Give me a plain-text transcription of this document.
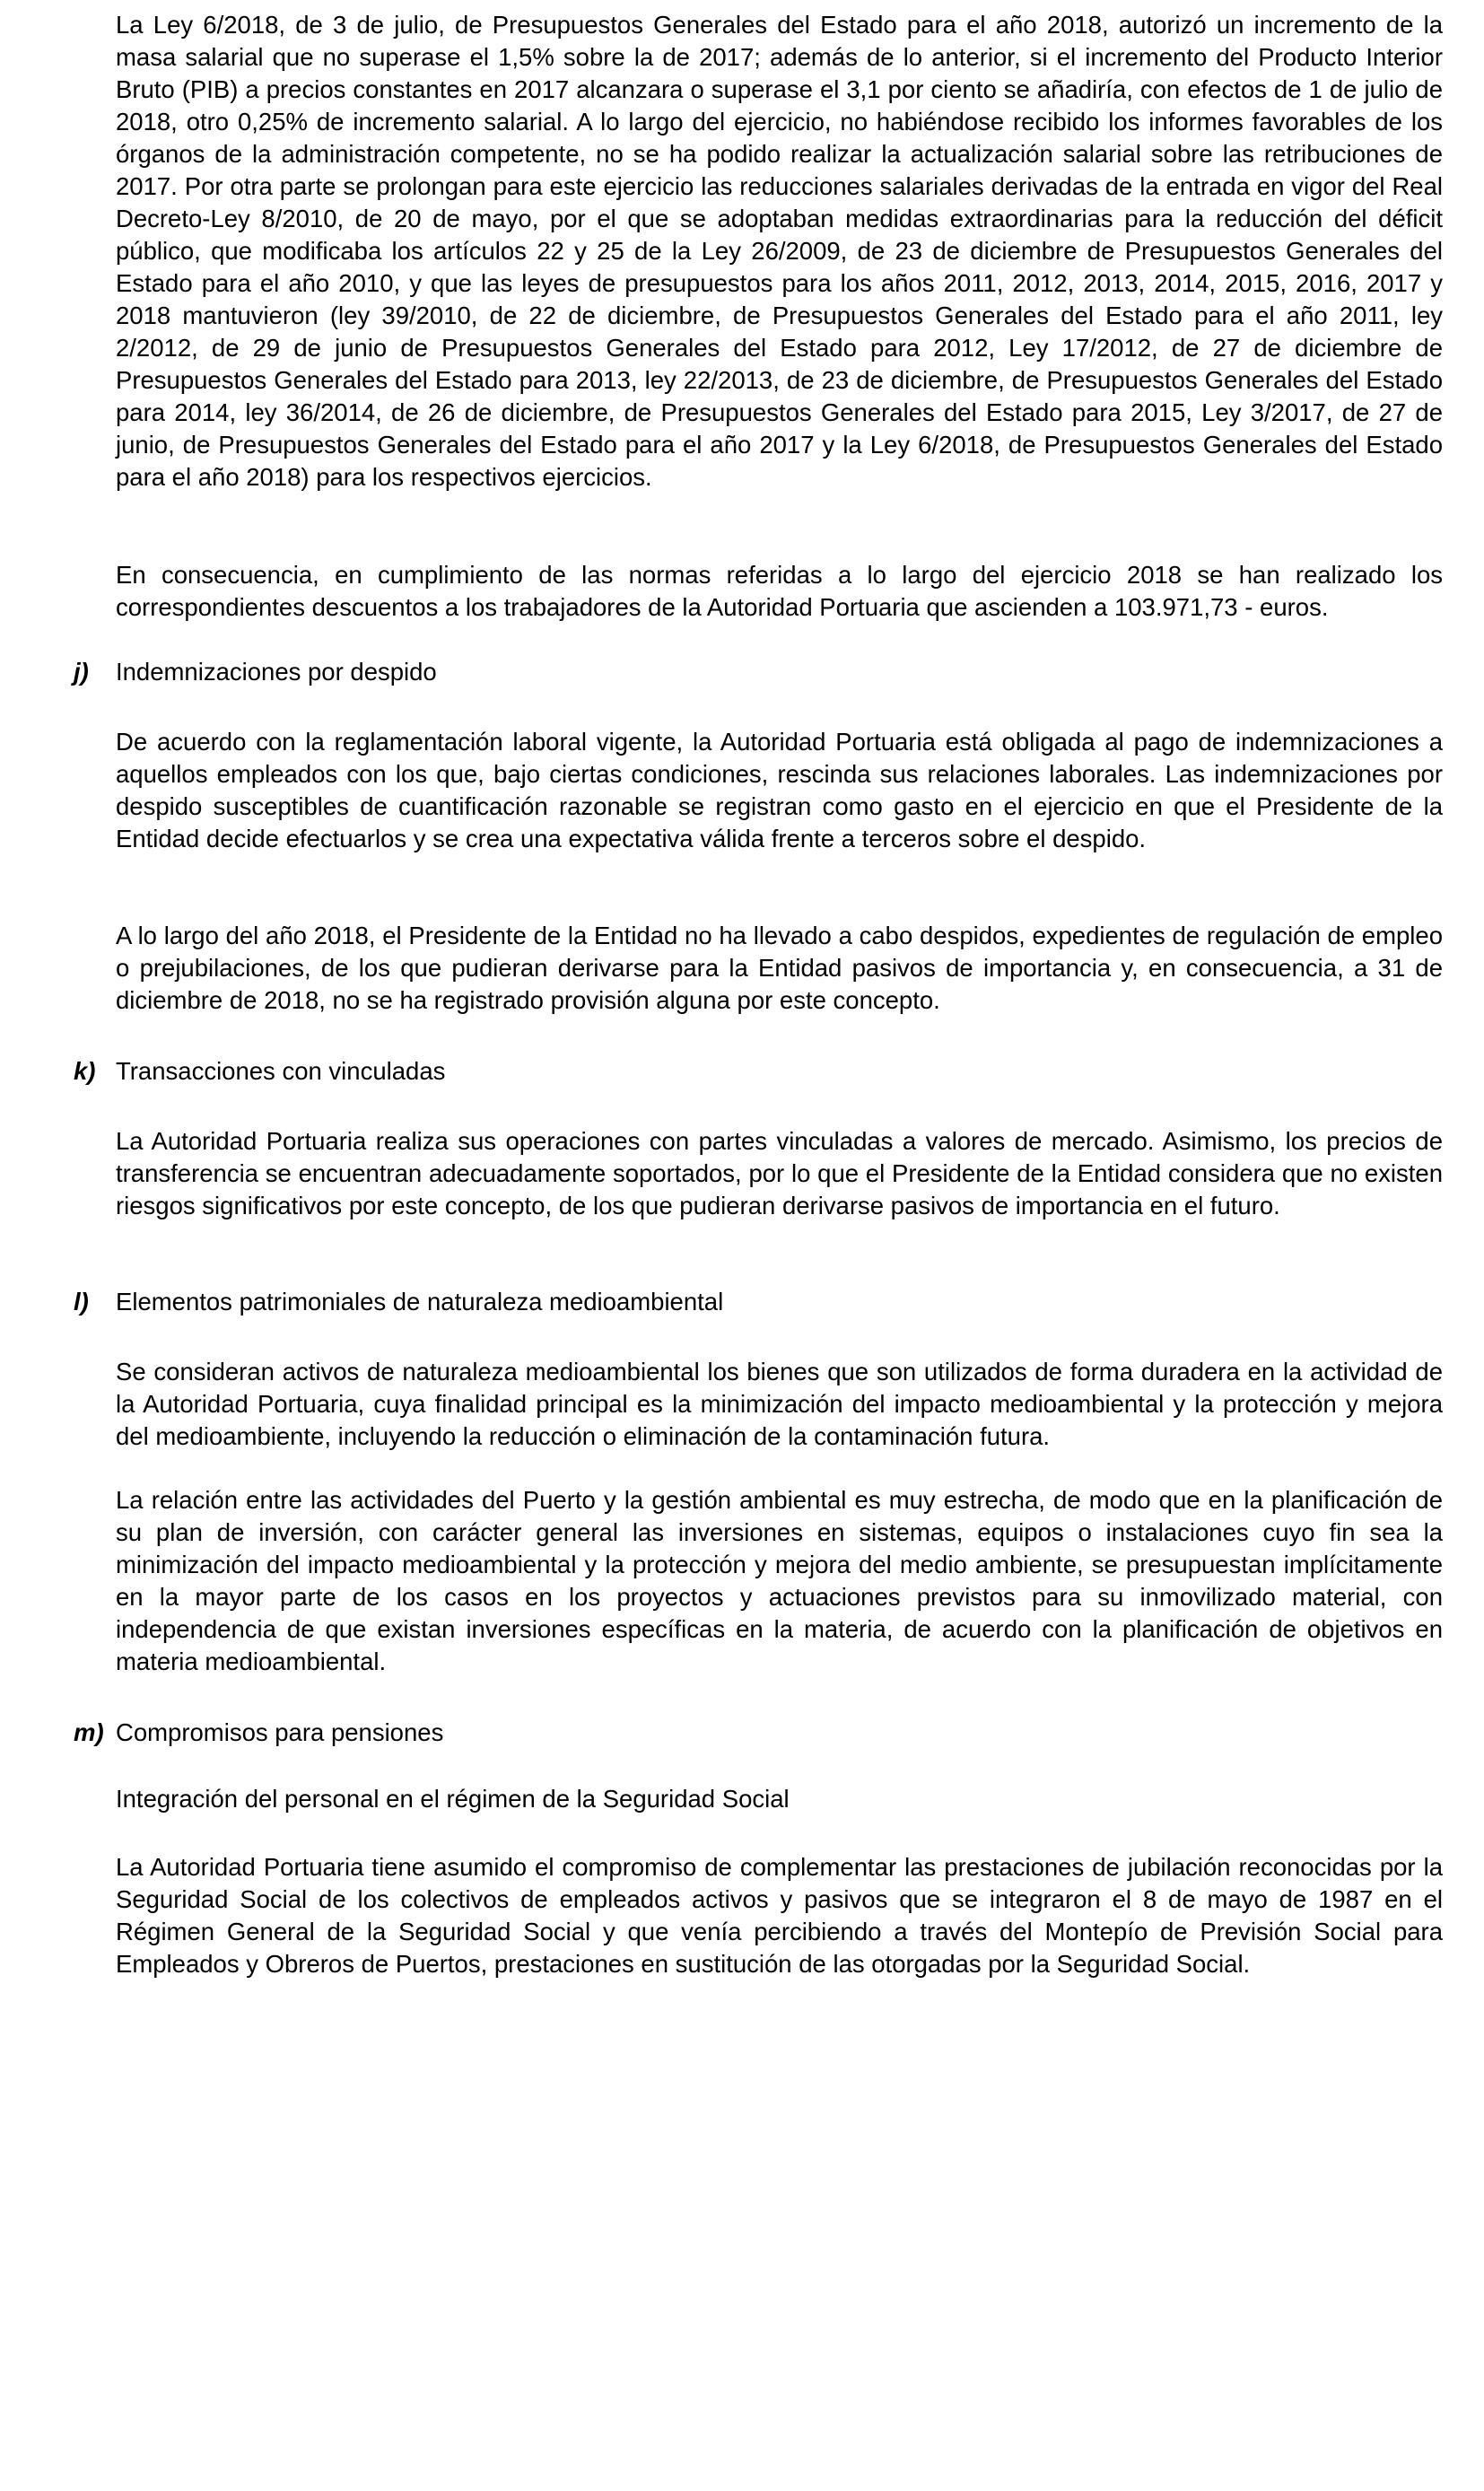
La Ley 6/2018, de 3 de julio, de Presupuestos Generales del Estado para el año 2018, autorizó un incremento de la masa salarial que no superase el 1,5% sobre la de 2017; además de lo anterior, si el incremento del Producto Interior Bruto (PIB) a precios constantes en 2017 alcanzara o superase el 3,1 por ciento se añadiría, con efectos de 1 de julio de 2018, otro 0,25% de incremento salarial. A lo largo del ejercicio, no habiéndose recibido los informes favorables de los órganos de la administración competente, no se ha podido realizar la actualización salarial sobre las retribuciones de 2017. Por otra parte se prolongan para este ejercicio las reducciones salariales derivadas de la entrada en vigor del Real Decreto-Ley 8/2010, de 20 de mayo, por el que se adoptaban medidas extraordinarias para la reducción del déficit público, que modificaba los artículos 22 y 25 de la Ley 26/2009, de 23 de diciembre de Presupuestos Generales del Estado para el año 2010, y que las leyes de presupuestos para los años 2011, 2012, 2013, 2014, 2015, 2016, 2017 y 2018 mantuvieron (ley 39/2010, de 22 de diciembre, de Presupuestos Generales del Estado para el año 2011, ley 2/2012, de 29 de junio de Presupuestos Generales del Estado para 2012, Ley 17/2012, de 27 de diciembre de Presupuestos Generales del Estado para 2013, ley 22/2013, de 23 de diciembre, de Presupuestos Generales del Estado para 2014, ley 36/2014, de 26 de diciembre, de Presupuestos Generales del Estado para 2015, Ley 3/2017, de 27 de junio, de Presupuestos Generales del Estado para el año 2017 y la Ley 6/2018, de Presupuestos Generales del Estado para el año 2018) para los respectivos ejercicios.

En consecuencia, en cumplimiento de las normas referidas a lo largo del ejercicio 2018 se han realizado los correspondientes descuentos a los trabajadores de la Autoridad Portuaria que ascienden a 103.971,73 - euros.

j) Indemnizaciones por despido

De acuerdo con la reglamentación laboral vigente, la Autoridad Portuaria está obligada al pago de indemnizaciones a aquellos empleados con los que, bajo ciertas condiciones, rescinda sus relaciones laborales. Las indemnizaciones por despido susceptibles de cuantificación razonable se registran como gasto en el ejercicio en que el Presidente de la Entidad decide efectuarlos y se crea una expectativa válida frente a terceros sobre el despido.

A lo largo del año 2018, el Presidente de la Entidad no ha llevado a cabo despidos, expedientes de regulación de empleo o prejubilaciones, de los que pudieran derivarse para la Entidad pasivos de importancia y, en consecuencia, a 31 de diciembre de 2018, no se ha registrado provisión alguna por este concepto.

k) Transacciones con vinculadas

La Autoridad Portuaria realiza sus operaciones con partes vinculadas a valores de mercado. Asimismo, los precios de transferencia se encuentran adecuadamente soportados, por lo que el Presidente de la Entidad considera que no existen riesgos significativos por este concepto, de los que pudieran derivarse pasivos de importancia en el futuro.

l) Elementos patrimoniales de naturaleza medioambiental

Se consideran activos de naturaleza medioambiental los bienes que son utilizados de forma duradera en la actividad de la Autoridad Portuaria, cuya finalidad principal es la minimización del impacto medioambiental y la protección y mejora del medioambiente, incluyendo la reducción o eliminación de la contaminación futura.

La relación entre las actividades del Puerto y la gestión ambiental es muy estrecha, de modo que en la planificación de su plan de inversión, con carácter general las inversiones en sistemas, equipos o instalaciones cuyo fin sea la minimización del impacto medioambiental y la protección y mejora del medio ambiente, se presupuestan implícitamente en la mayor parte de los casos en los proyectos y actuaciones previstos para su inmovilizado material, con independencia de que existan inversiones específicas en la materia, de acuerdo con la planificación de objetivos en materia medioambiental.

m) Compromisos para pensiones

Integración del personal en el régimen de la Seguridad Social

La Autoridad Portuaria tiene asumido el compromiso de complementar las prestaciones de jubilación reconocidas por la Seguridad Social de los colectivos de empleados activos y pasivos que se integraron el 8 de mayo de 1987 en el Régimen General de la Seguridad Social y que venía percibiendo a través del Montepío de Previsión Social para Empleados y Obreros de Puertos, prestaciones en sustitución de las otorgadas por la Seguridad Social.
